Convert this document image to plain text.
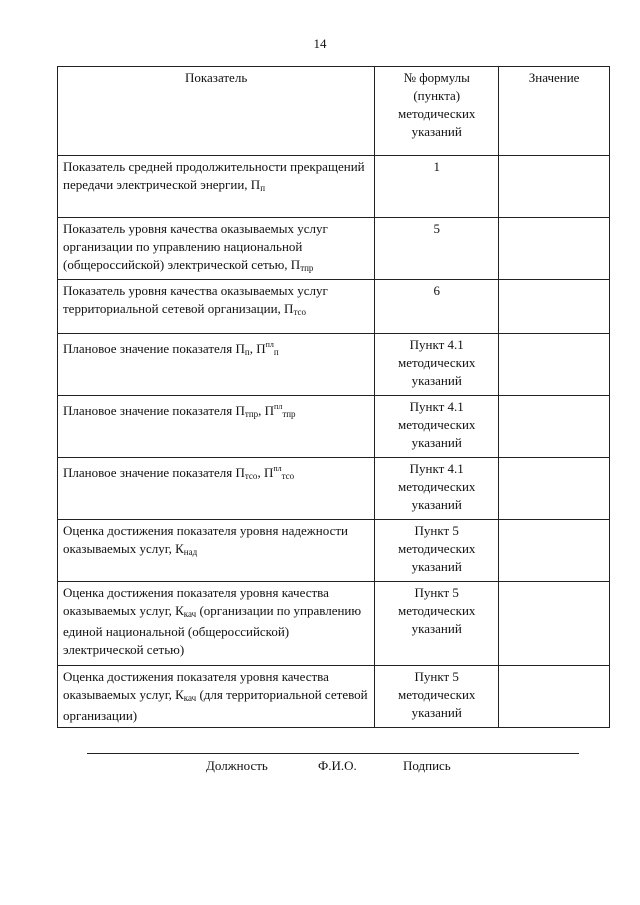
14
Показатель	№ формулы (пункта) методических указаний	Значение
Показатель средней продолжительности прекращений передачи электрической энергии, $П_п$	1	
Показатель уровня качества оказываемых услуг организации по управлению национальной (общероссийской) электрической сетью, $П_{тпр}$	5	
Показатель уровня качества оказываемых услуг территориальной сетевой организации, $П_{тсо}$	6	
Плановое значение показателя $П_п$, $П^{пл}_п$	Пункт 4.1 методических указаний	
Плановое значение показателя $П_{тпр}$, $П^{пл}_{тпр}$	Пункт 4.1 методических указаний	
Плановое значение показателя $П_{тсо}$, $П^{пл}_{тсо}$	Пункт 4.1 методических указаний	
Оценка достижения показателя уровня надежности оказываемых услуг, $К_{над}$	Пункт 5 методических указаний	
Оценка достижения показателя уровня качества оказываемых услуг, $К_{кач}$ (организации по управлению единой национальной (общероссийской) электрической сетью)	Пункт 5 методических указаний	
Оценка достижения показателя уровня качества оказываемых услуг, $К_{кач}$ (для территориальной сетевой организации)	Пункт 5 методических указаний	
Должность	Ф.И.О.	Подпись
